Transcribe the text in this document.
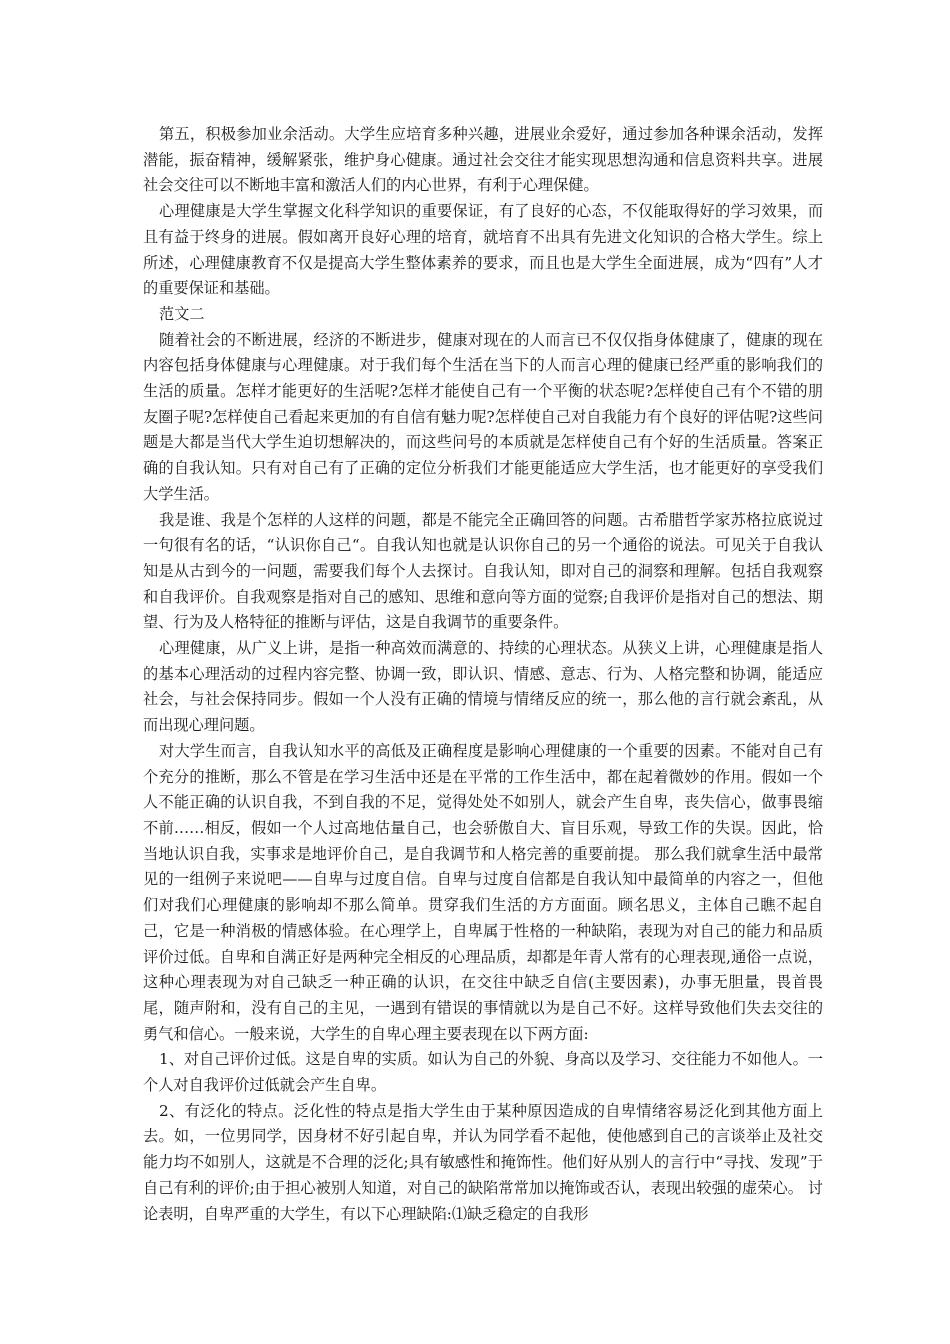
第五，积极参加业余活动。大学生应培育多种兴趣，进展业余爱好，通过参加各种课余活动，发挥潜能，振奋精神，缓解紧张，维护身心健康。通过社会交往才能实现思想沟通和信息资料共享。进展社会交往可以不断地丰富和激活人们的内心世界，有利于心理保健。

心理健康是大学生掌握文化科学知识的重要保证，有了良好的心态，不仅能取得好的学习效果，而且有益于终身的进展。假如离开良好心理的培育，就培育不出具有先进文化知识的合格大学生。综上所述，心理健康教育不仅是提高大学生整体素养的要求，而且也是大学生全面进展，成为“四有”人才的重要保证和基础。

范文二

随着社会的不断进展，经济的不断进步，健康对现在的人而言已不仅仅指身体健康了，健康的现在内容包括身体健康与心理健康。对于我们每个生活在当下的人而言心理的健康已经严重的影响我们的生活的质量。怎样才能更好的生活呢?怎样才能使自己有一个平衡的状态呢?怎样使自己有个不错的朋友圈子呢?怎样使自己看起来更加的有自信有魅力呢?怎样使自己对自我能力有个良好的评估呢?这些问题是大都是当代大学生迫切想解决的，而这些问号的本质就是怎样使自己有个好的生活质量。答案正确的自我认知。只有对自己有了正确的定位分析我们才能更能适应大学生活，也才能更好的享受我们大学生活。

我是谁、我是个怎样的人这样的问题，都是不能完全正确回答的问题。古希腊哲学家苏格拉底说过一句很有名的话，“认识你自己“。自我认知也就是认识你自己的另一个通俗的说法。可见关于自我认知是从古到今的一问题，需要我们每个人去探讨。自我认知，即对自己的洞察和理解。包括自我观察和自我评价。自我观察是指对自己的感知、思维和意向等方面的觉察;自我评价是指对自己的想法、期望、行为及人格特征的推断与评估，这是自我调节的重要条件。

心理健康，从广义上讲，是指一种高效而满意的、持续的心理状态。从狭义上讲，心理健康是指人的基本心理活动的过程内容完整、协调一致，即认识、情感、意志、行为、人格完整和协调，能适应社会，与社会保持同步。假如一个人没有正确的情境与情绪反应的统一，那么他的言行就会紊乱，从而出现心理问题。

对大学生而言，自我认知水平的高低及正确程度是影响心理健康的一个重要的因素。不能对自己有个充分的推断，那么不管是在学习生活中还是在平常的工作生活中，都在起着微妙的作用。假如一个人不能正确的认识自我，不到自我的不足，觉得处处不如别人，就会产生自卑，丧失信心，做事畏缩不前……相反，假如一个人过高地估量自己，也会骄傲自大、盲目乐观，导致工作的失误。因此，恰当地认识自我，实事求是地评价自己，是自我调节和人格完善的重要前提。 那么我们就拿生活中最常见的一组例子来说吧——自卑与过度自信。自卑与过度自信都是自我认知中最简单的内容之一，但他们对我们心理健康的影响却不那么简单。贯穿我们生活的方方面面。顾名思义，主体自己瞧不起自己，它是一种消极的情感体验。在心理学上，自卑属于性格的一种缺陷，表现为对自己的能力和品质评价过低。自卑和自满正好是两种完全相反的心理品质，却都是年青人常有的心理表现,通俗一点说，这种心理表现为对自己缺乏一种正确的认识，在交往中缺乏自信(主要因素)，办事无胆量，畏首畏尾，随声附和，没有自己的主见，一遇到有错误的事情就以为是自己不好。这样导致他们失去交往的勇气和信心。一般来说，大学生的自卑心理主要表现在以下两方面:

1、对自己评价过低。这是自卑的实质。如认为自己的外貌、身高以及学习、交往能力不如他人。一个人对自我评价过低就会产生自卑。

2、有泛化的特点。泛化性的特点是指大学生由于某种原因造成的自卑情绪容易泛化到其他方面上去。如，一位男同学，因身材不好引起自卑，并认为同学看不起他，使他感到自己的言谈举止及社交能力均不如别人，这就是不合理的泛化;具有敏感性和掩饰性。他们好从别人的言行中“寻找、发现”于自己有利的评价;由于担心被别人知道，对自己的缺陷常常加以掩饰或否认，表现出较强的虚荣心。 讨论表明，自卑严重的大学生，有以下心理缺陷:⑴缺乏稳定的自我形
